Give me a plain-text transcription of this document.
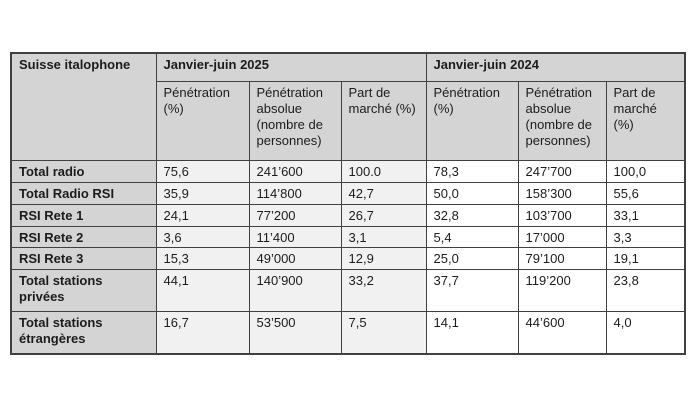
Suisse italophone	Janvier-juin 2025			Janvier-juin 2024		
	Pénétration (%)	Pénétration absolue (nombre de personnes)	Part de marché (%)	Pénétration (%)	Pénétration absolue (nombre de personnes)	Part de marché (%)
Total radio	75,6	241’600	100.0	78,3	247’700	100,0
Total Radio RSI	35,9	114’800	42,7	50,0	158’300	55,6
RSI Rete 1	24,1	77’200	26,7	32,8	103’700	33,1
RSI Rete 2	3,6	11’400	3,1	5,4	17’000	3,3
RSI Rete 3	15,3	49’000	12,9	25,0	79’100	19,1
Total stations privées	44,1	140’900	33,2	37,7	119’200	23,8
Total stations étrangères	16,7	53’500	7,5	14,1	44’600	4,0
